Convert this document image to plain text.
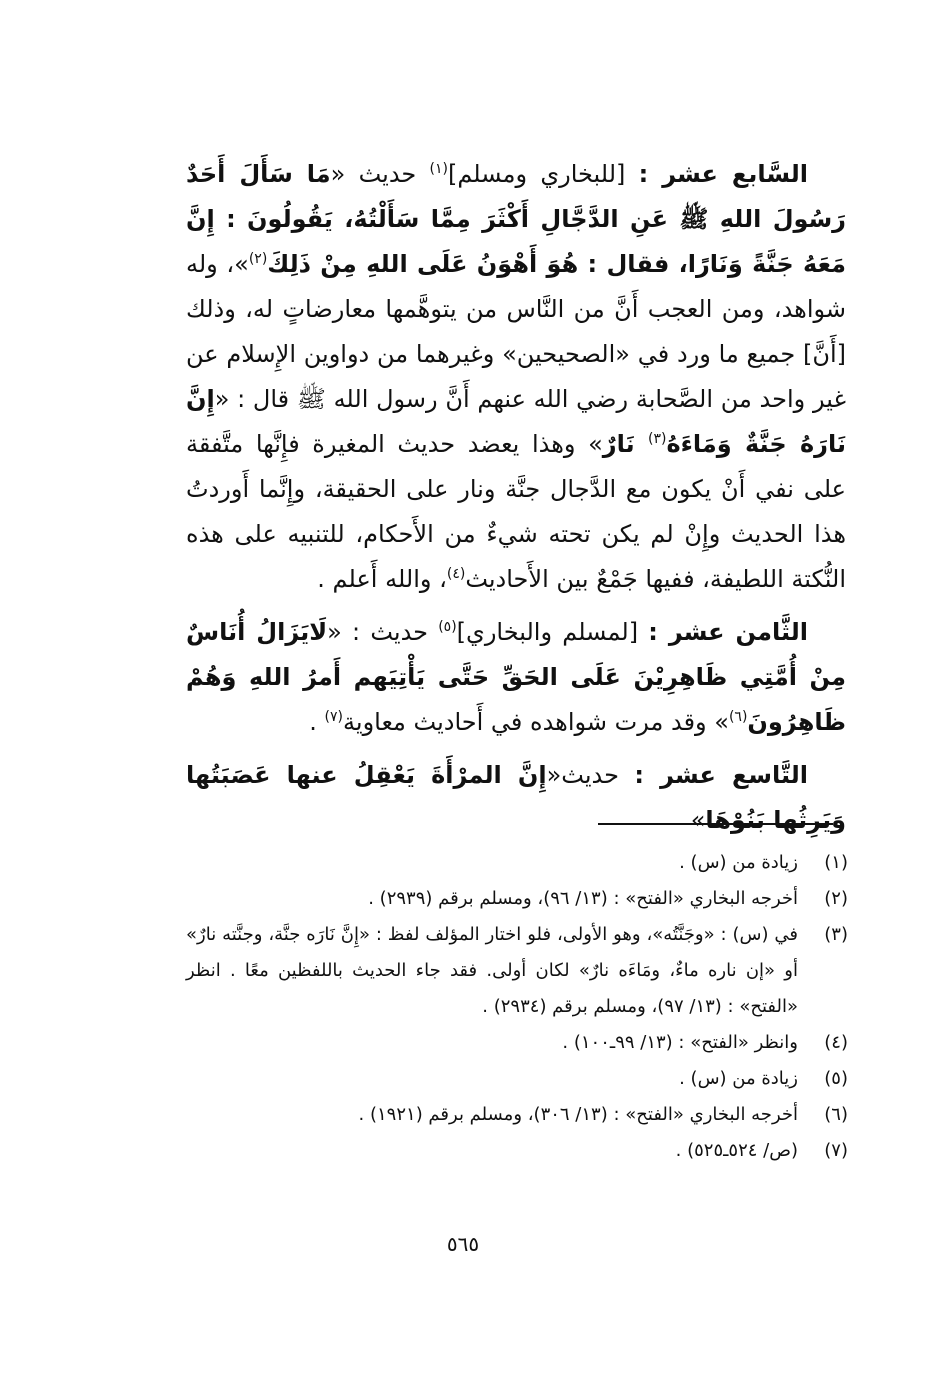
السَّابع عشر : [للبخاري ومسلم]$^{(١)}$ حديث «مَا سَأَلَ أَحَدٌ رَسُولَ اللهِ ﷺ عَنِ الدَّجَّالِ أَكْثَرَ مِمَّا سَأَلْتُهُ، يَقُولُونَ : إِنَّ مَعَهُ جَنَّةً وَنَارًا، فقال : هُوَ أَهْوَنُ عَلَى اللهِ مِنْ ذَلِكَ$^{(٢)}$»، وله شواهد، ومن العجب أَنَّ من النَّاس من يتوهَّمها معارضاتٍ له، وذلك [أَنَّ] جميع ما ورد في «الصحيحين» وغيرهما من دواوين الإِسلام عن غير واحد من الصَّحابة رضي الله عنهم أَنَّ رسول الله ﷺ قال : «إِنَّ نَارَهُ جَنَّةٌ وَمَاءَهُ$^{(٣)}$ نَارٌ» وهذا يعضد حديث المغيرة فإِنَّها متَّفقة على نفي أَنْ يكون مع الدَّجال جنَّة ونار على الحقيقة، وإِنَّما أَوردتُ هذا الحديث وإِنْ لم يكن تحته شيءٌ من الأَحكام، للتنبيه على هذه النُّكتة اللطيفة، ففيها جَمْعٌ بين الأَحاديث$^{(٤)}$، والله أَعلم .

الثَّامن عشر : [لمسلم والبخاري]$^{(٥)}$ حديث : «لَايَزَالُ أُنَاسٌ مِنْ أُمَّتِي ظَاهِرِيْنَ عَلَى الحَقِّ حَتَّى يَأْتِيَهم أَمرُ اللهِ وَهُمْ ظَاهِرُونَ$^{(٦)}$» وقد مرت شواهده في أَحاديث معاوية$^{(٧)}$ .

التَّاسع عشر : حديث«إِنَّ المرْأَةَ يَعْقِلُ عنها عَصَبَتُها وَيَرِثُها بَنُوْهَا»

(١)
زيادة من (س) .
(٢)
أخرجه البخاري «الفتح» : (١٣/ ٩٦)، ومسلم برقم (٢٩٣٩) .
(٣)
في (س) : «وجَنَّتُه»، وهو الأولى، فلو اختار المؤلف لفظ : «إِنَّ نَارَه جنَّة، وجنَّته نارٌ» أو «إن ناره ماءٌ، ومَاءَه نارٌ» لكان أولى. فقد جاء الحديث باللفظين معًا . انظر «الفتح» : (١٣/ ٩٧)، ومسلم برقم (٢٩٣٤) .
(٤)
وانظر «الفتح» : (١٣/ ٩٩ـ١٠٠) .
(٥)
زيادة من (س) .
(٦)
أخرجه البخاري «الفتح» : (١٣/ ٣٠٦)، ومسلم برقم (١٩٢١) .
(٧)
(ص/ ٥٢٤ـ٥٢٥) .
٥٦٥
